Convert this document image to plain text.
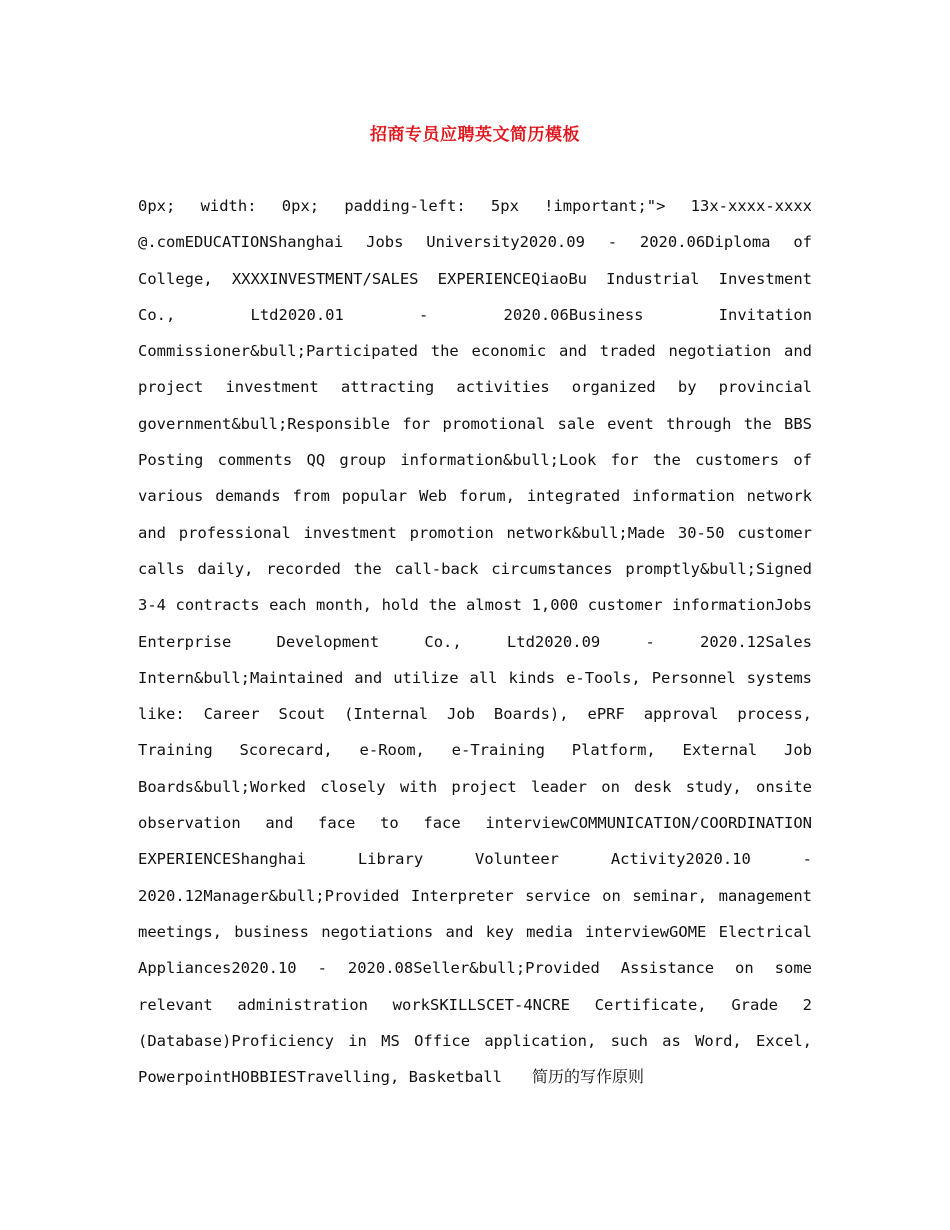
招商专员应聘英文简历模板

0px; width: 0px; padding-left: 5px !important;"> 13x-xxxx-xxxx @.comEDUCATIONShanghai Jobs University2020.09 - 2020.06Diploma of College, XXXXINVESTMENT/SALES EXPERIENCEQiaoBu Industrial Investment Co., Ltd2020.01 - 2020.06Business Invitation Commissioner&bull;Participated the economic and traded negotiation and project investment attracting activities organized by provincial government&bull;Responsible for promotional sale event through the BBS Posting comments QQ group information&bull;Look for the customers of various demands from popular Web forum, integrated information network and professional investment promotion network&bull;Made 30-50 customer calls daily, recorded the call-back circumstances promptly&bull;Signed 3-4 contracts each month, hold the almost 1,000 customer informationJobs Enterprise Development Co., Ltd2020.09 - 2020.12Sales Intern&bull;Maintained and utilize all kinds e-Tools, Personnel systems like: Career Scout (Internal Job Boards), ePRF approval process, Training Scorecard, e-Room, e-Training Platform, External Job Boards&bull;Worked closely with project leader on desk study, onsite observation and face to face interviewCOMMUNICATION/COORDINATION EXPERIENCEShanghai Library Volunteer Activity2020.10 - 2020.12Manager&bull;Provided Interpreter service on seminar, management meetings, business negotiations and key media interviewGOME Electrical Appliances2020.10 - 2020.08Seller&bull;Provided Assistance on some relevant administration workSKILLSCET-4NCRE Certificate, Grade 2 (Database)Proficiency in MS Office application, such as Word, Excel, PowerpointHOBBIESTravelling, Basketball 简历的写作原则
